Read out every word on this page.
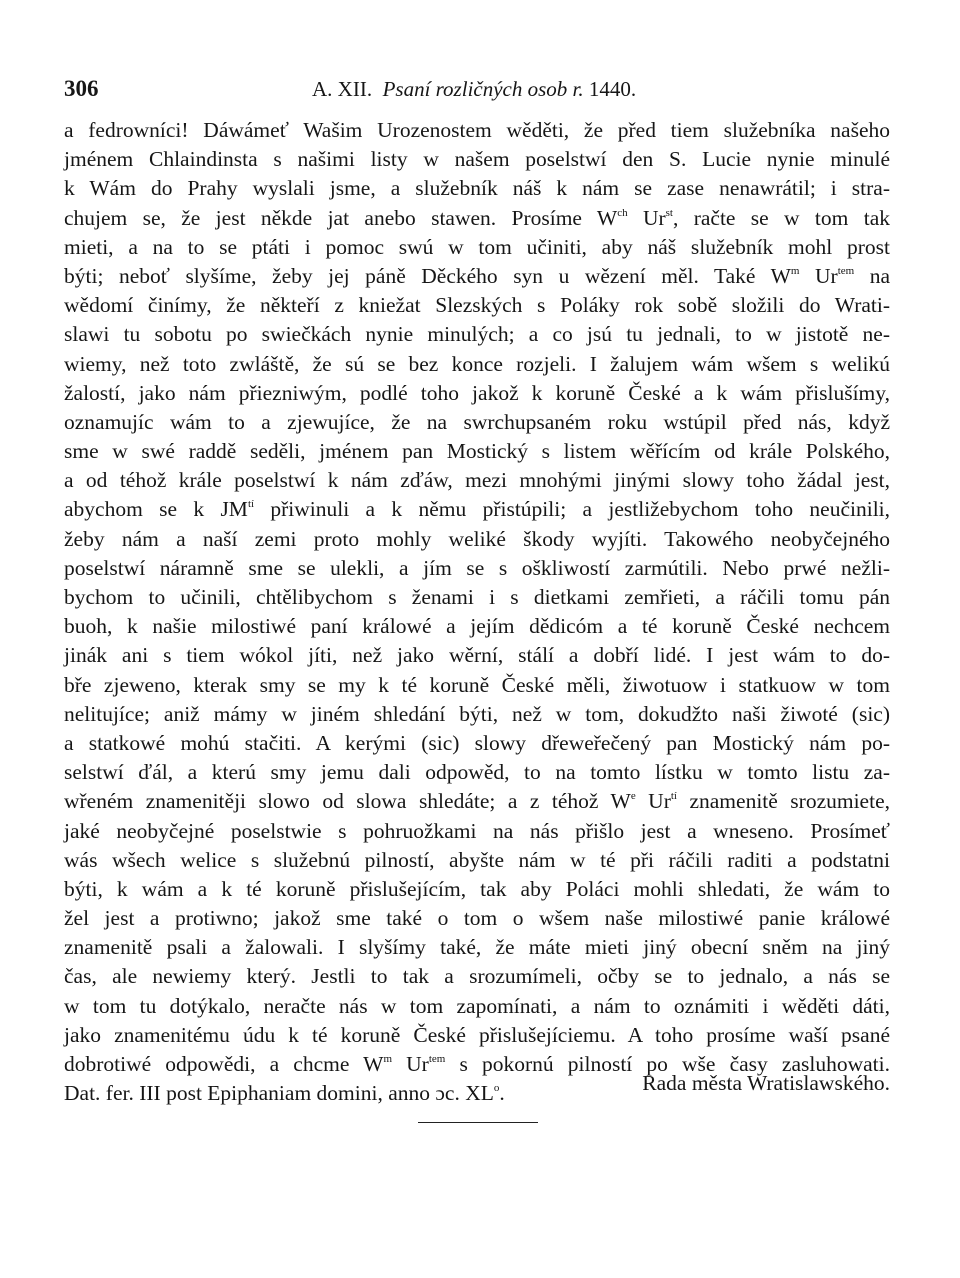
306	A. XII. Psaní rozličných osob r. 1440.
a fedrowníci! Dáwámeť Wašim Urozenostem wěděti, že před tiem služebníka našeho
jménem Chlaindinsta s našimi listy w našem poselstwí den S. Lucie nynie minulé
k Wám do Prahy wyslali jsme, a služebník náš k nám se zase nenawrátil; i stra-
chujem se, že jest někde jat anebo stawen. Prosíme $W^{ch}$ $Ur^{st}$, račte se w tom tak
mieti, a na to se ptáti i pomoc swú w tom učiniti, aby náš služebník mohl prost
býti; neboť slyšíme, žeby jej páně Děckého syn u wězení měl. Také $W^m$ $Ur^{tem}$ na
wědomí činímy, že někteří z kniežat Slezských s Poláky rok sobě složili do Wrati-
slawi tu sobotu po swiečkách nynie minulých; a co jsú tu jednali, to w jistotě ne-
wiemy, než toto zwláště, že sú se bez konce rozjeli. I žalujem wám wšem s welikú
žalostí, jako nám přiezniwým, podlé toho jakož k koruně České a k wám přislušímy,
oznamujíc wám to a zjewujíce, že na swrchupsaném roku wstúpil před nás, když
sme w swé raddě seděli, jménem pan Mostický s listem wěřícím od krále Polského,
a od téhož krále poselstwí k nám zďáw, mezi mnohými jinými slowy toho žádal jest,
abychom se k $JM^{tí}$ přiwinuli a k němu přistúpili; a jestližebychom toho neučinili,
žeby nám a naší zemi proto mohly weliké škody wyjíti. Takowého neobyčejného
poselstwí náramně sme se ulekli, a jím se s oškliwostí zarmútili. Nebo prwé nežli-
bychom to učinili, chtělibychom s ženami i s dietkami zemřieti, a ráčili tomu pán
buoh, k našie milostiwé paní králowé a jejím dědicóm a té koruně České nechcem
jinák ani s tiem wókol jíti, než jako wěrní, stálí a dobří lidé. I jest wám to do-
bře zjeweno, kterak smy se my k té koruně České měli, žiwotuow i statkuow w tom
nelitujíce; aniž mámy w jiném shledání býti, než w tom, dokudžto naši žiwoté (sic)
a statkowé mohú stačiti. A kerými (sic) slowy dřeweřečený pan Mostický nám po-
selstwí ďál, a kterú smy jemu dali odpowěd, to na tomto lístku w tomto listu za-
wřeném znamenitěji slowo od slowa shledáte; a z téhož $W^e$ $Ur^{tí}$ znamenitě srozumiete,
jaké neobyčejné poselstwie s pohruožkami na nás přišlo jest a wneseno. Prosímeť
wás wšech welice s služebnú pilností, abyšte nám w té při ráčili raditi a podstatni
býti, k wám a k té koruně přislušejícím, tak aby Poláci mohli shledati, že wám to
žel jest a protiwno; jakož sme také o tom o wšem naše milostiwé panie králowé
znamenitě psali a žalowali. I slyšímy také, že máte mieti jiný obecní sněm na jiný
čas, ale newiemy který. Jestli to tak a srozumímeli, očby se to jednalo, a nás se
w tom tu dotýkalo, neračte nás w tom zapomínati, a nám to oznámiti i wěděti dáti,
jako znamenitému údu k té koruně České přislušejíciemu. A toho prosíme waší psané
dobrotiwé odpowědi, a chcme $W^m$ $Ur^{tem}$ s pokornú pilností po wše časy zasluhowati.
Dat. fer. III post Epiphaniam domini, anno ɔc. $XL^o$.	Rada města Wratislawského.
